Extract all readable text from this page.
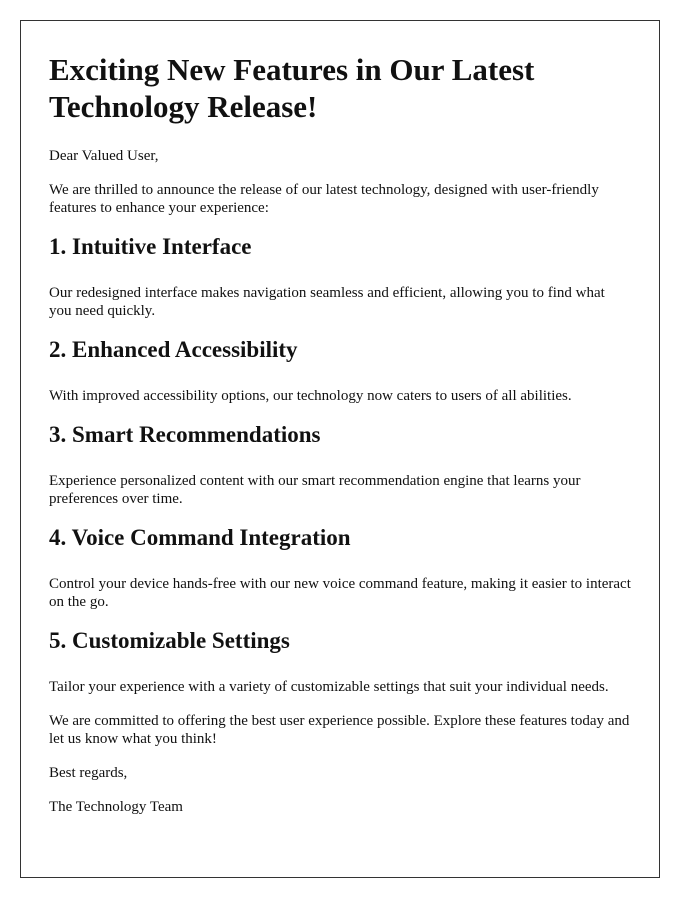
Exciting New Features in Our Latest Technology Release!

Dear Valued User,

We are thrilled to announce the release of our latest technology, designed with user-friendly features to enhance your experience:

1. Intuitive Interface

Our redesigned interface makes navigation seamless and efficient, allowing you to find what you need quickly.

2. Enhanced Accessibility

With improved accessibility options, our technology now caters to users of all abilities.

3. Smart Recommendations

Experience personalized content with our smart recommendation engine that learns your preferences over time.

4. Voice Command Integration

Control your device hands-free with our new voice command feature, making it easier to interact on the go.

5. Customizable Settings

Tailor your experience with a variety of customizable settings that suit your individual needs.

We are committed to offering the best user experience possible. Explore these features today and let us know what you think!

Best regards,

The Technology Team
